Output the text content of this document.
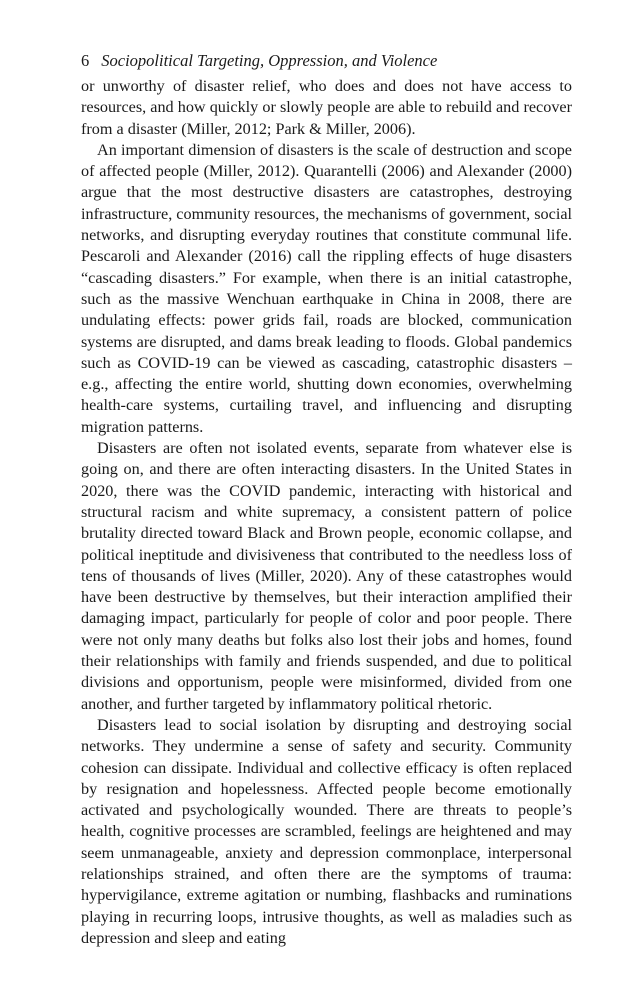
6 Sociopolitical Targeting, Oppression, and Violence

or unworthy of disaster relief, who does and does not have access to resources, and how quickly or slowly people are able to rebuild and recover from a disaster (Miller, 2012; Park & Miller, 2006).

An important dimension of disasters is the scale of destruction and scope of affected people (Miller, 2012). Quarantelli (2006) and Alexander (2000) argue that the most destructive disasters are catastrophes, destroying infrastructure, community resources, the mechanisms of government, social networks, and disrupting everyday routines that constitute communal life. Pescaroli and Alexander (2016) call the rippling effects of huge disasters “cascading disasters.” For example, when there is an initial catastrophe, such as the massive Wenchuan earthquake in China in 2008, there are undulating effects: power grids fail, roads are blocked, communication systems are disrupted, and dams break leading to floods. Global pandemics such as COVID-19 can be viewed as cascading, catastrophic disasters – e.g., affecting the entire world, shutting down economies, overwhelming health-care systems, curtailing travel, and influencing and disrupting migration patterns.

Disasters are often not isolated events, separate from whatever else is going on, and there are often interacting disasters. In the United States in 2020, there was the COVID pandemic, interacting with historical and structural racism and white supremacy, a consistent pattern of police brutality directed toward Black and Brown people, economic collapse, and political ineptitude and divisiveness that contributed to the needless loss of tens of thousands of lives (Miller, 2020). Any of these catastrophes would have been destructive by themselves, but their interaction amplified their damaging impact, particularly for people of color and poor people. There were not only many deaths but folks also lost their jobs and homes, found their relationships with family and friends suspended, and due to political divisions and opportunism, people were misinformed, divided from one another, and further targeted by inflammatory political rhetoric.

Disasters lead to social isolation by disrupting and destroying social networks. They undermine a sense of safety and security. Community cohesion can dissipate. Individual and collective efficacy is often replaced by resignation and hopelessness. Affected people become emotionally activated and psychologically wounded. There are threats to people’s health, cognitive processes are scrambled, feelings are heightened and may seem unmanageable, anxiety and depression commonplace, interpersonal relationships strained, and often there are the symptoms of trauma: hypervigilance, extreme agitation or numbing, flashbacks and ruminations playing in recurring loops, intrusive thoughts, as well as maladies such as depression and sleep and eating
